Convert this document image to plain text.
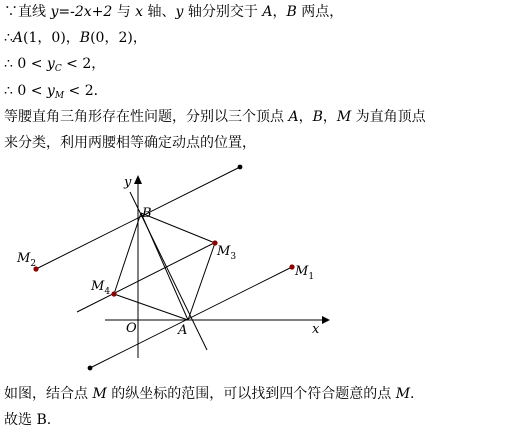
∵直线 y=-2x+2 与 x 轴、y 轴分别交于 A，B 两点，
∴A(1，0)，B(0，2)，
∴ $0 < y_C < 2$，
∴ $0 < y_M < 2$．
等腰直角三角形存在性问题，分别以三个顶点 A，B，M 为直角顶点
来分类，利用两腰相等确定动点的位置，
y
x
O	A
B
$M_1$
$M_2$
$M_3$
$M_4$
如图，结合点 M 的纵坐标的范围，可以找到四个符合题意的点 M.
故选 B.
